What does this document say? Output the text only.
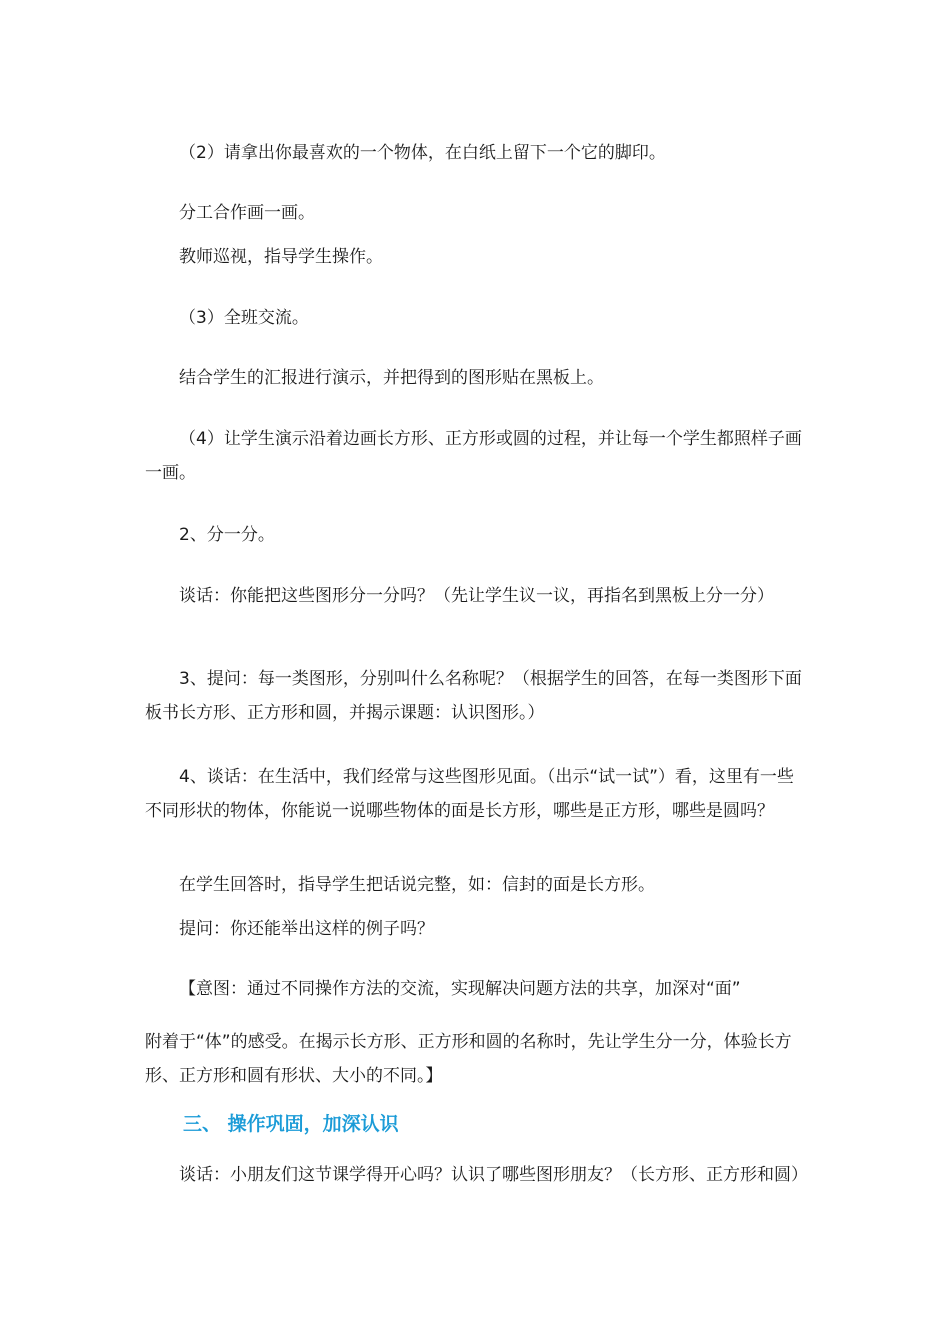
（2）请拿出你最喜欢的一个物体，在白纸上留下一个它的脚印。

分工合作画一画。

教师巡视，指导学生操作。

（3）全班交流。

结合学生的汇报进行演示，并把得到的图形贴在黑板上。

（4）让学生演示沿着边画长方形、正方形或圆的过程，并让每一个学生都照样子画一画。

2、分一分。

谈话：你能把这些图形分一分吗？（先让学生议一议，再指名到黑板上分一分）

3、提问：每一类图形，分别叫什么名称呢？（根据学生的回答，在每一类图形下面板书长方形、正方形和圆，并揭示课题：认识图形。）

4、谈话：在生活中，我们经常与这些图形见面。（出示“试一试”）看，这里有一些不同形状的物体，你能说一说哪些物体的面是长方形，哪些是正方形，哪些是圆吗？

在学生回答时，指导学生把话说完整，如：信封的面是长方形。

提问：你还能举出这样的例子吗？

【意图：通过不同操作方法的交流，实现解决问题方法的共享，加深对“面”

附着于“体”的感受。在揭示长方形、正方形和圆的名称时，先让学生分一分，体验长方形、正方形和圆有形状、大小的不同。】

三、 操作巩固，加深认识

谈话：小朋友们这节课学得开心吗？认识了哪些图形朋友？（长方形、正方形和圆）
